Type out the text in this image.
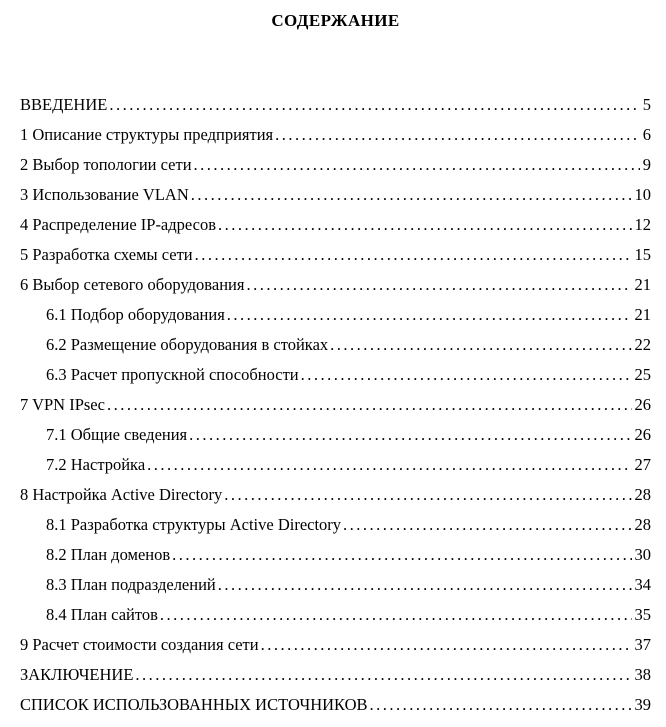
СОДЕРЖАНИЕ
ВВЕДЕНИЕ .....	5
1 Описание структуры предприятия .....	6
2 Выбор топологии сети .....	9
3 Использование VLAN .....	10
4 Распределение IP-адресов .....	12
5 Разработка схемы сети .....	15
6 Выбор сетевого оборудования .....	21
6.1 Подбор оборудования .....	21
6.2 Размещение оборудования в стойках .....	22
6.3 Расчет пропускной способности .....	25
7 VPN IPsec .....	26
7.1 Общие сведения .....	26
7.2 Настройка .....	27
8 Настройка Active Directory .....	28
8.1 Разработка структуры Active Directory .....	28
8.2 План доменов .....	30
8.3 План подразделений .....	34
8.4 План сайтов .....	35
9 Расчет стоимости создания сети .....	37
ЗАКЛЮЧЕНИЕ .....	38
СПИСОК ИСПОЛЬЗОВАННЫХ ИСТОЧНИКОВ .....	39
